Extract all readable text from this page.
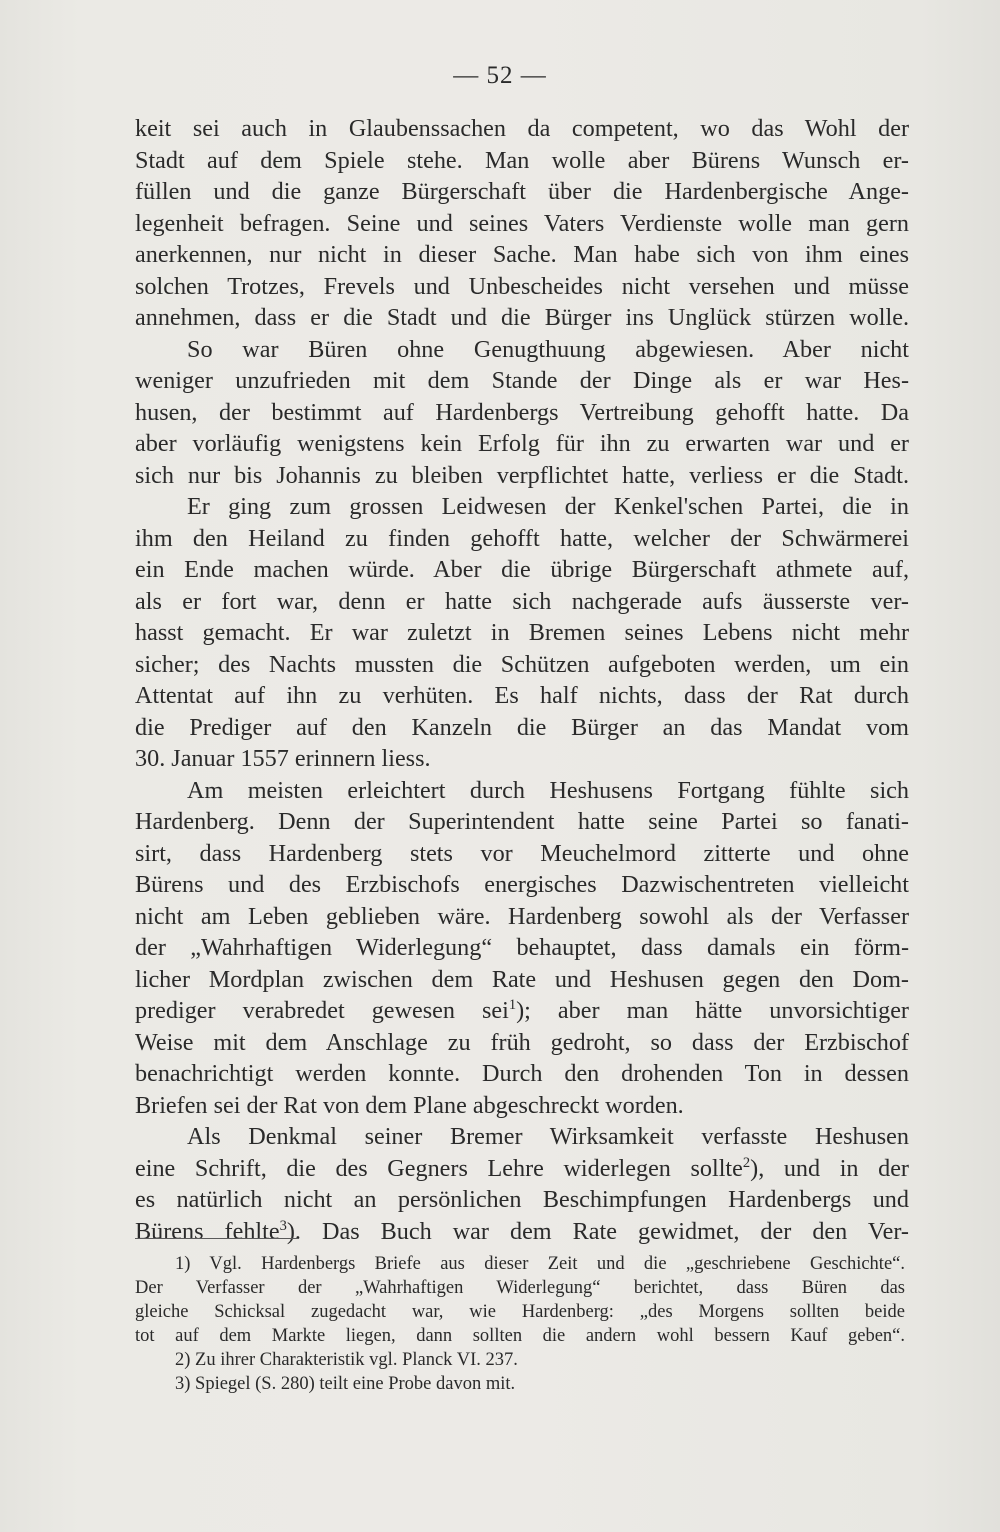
— 52 —
keit sei auch in Glaubenssachen da competent, wo das Wohl der
Stadt auf dem Spiele stehe. Man wolle aber Bürens Wunsch er-
füllen und die ganze Bürgerschaft über die Hardenbergische Ange-
legenheit befragen. Seine und seines Vaters Verdienste wolle man gern
anerkennen, nur nicht in dieser Sache. Man habe sich von ihm eines
solchen Trotzes, Frevels und Unbescheides nicht versehen und müsse
annehmen, dass er die Stadt und die Bürger ins Unglück stürzen wolle.
So war Büren ohne Genugthuung abgewiesen. Aber nicht
weniger unzufrieden mit dem Stande der Dinge als er war Hes-
husen, der bestimmt auf Hardenbergs Vertreibung gehofft hatte. Da
aber vorläufig wenigstens kein Erfolg für ihn zu erwarten war und er
sich nur bis Johannis zu bleiben verpflichtet hatte, verliess er die Stadt.
Er ging zum grossen Leidwesen der Kenkel'schen Partei, die in
ihm den Heiland zu finden gehofft hatte, welcher der Schwärmerei
ein Ende machen würde. Aber die übrige Bürgerschaft athmete auf,
als er fort war, denn er hatte sich nachgerade aufs äusserste ver-
hasst gemacht. Er war zuletzt in Bremen seines Lebens nicht mehr
sicher; des Nachts mussten die Schützen aufgeboten werden, um ein
Attentat auf ihn zu verhüten. Es half nichts, dass der Rat durch
die Prediger auf den Kanzeln die Bürger an das Mandat vom
30. Januar 1557 erinnern liess.
Am meisten erleichtert durch Heshusens Fortgang fühlte sich
Hardenberg. Denn der Superintendent hatte seine Partei so fanati-
sirt, dass Hardenberg stets vor Meuchelmord zitterte und ohne
Bürens und des Erzbischofs energisches Dazwischentreten vielleicht
nicht am Leben geblieben wäre. Hardenberg sowohl als der Verfasser
der „Wahrhaftigen Widerlegung“ behauptet, dass damals ein förm-
licher Mordplan zwischen dem Rate und Heshusen gegen den Dom-
prediger verabredet gewesen sei$^1$); aber man hätte unvorsichtiger
Weise mit dem Anschlage zu früh gedroht, so dass der Erzbischof
benachrichtigt werden konnte. Durch den drohenden Ton in dessen
Briefen sei der Rat von dem Plane abgeschreckt worden.
Als Denkmal seiner Bremer Wirksamkeit verfasste Heshusen
eine Schrift, die des Gegners Lehre widerlegen sollte$^2$), und in der
es natürlich nicht an persönlichen Beschimpfungen Hardenbergs und
Bürens fehlte$^3$). Das Buch war dem Rate gewidmet, der den Ver-
1) Vgl. Hardenbergs Briefe aus dieser Zeit und die „geschriebene Geschichte“.
Der Verfasser der „Wahrhaftigen Widerlegung“ berichtet, dass Büren das
gleiche Schicksal zugedacht war, wie Hardenberg: „des Morgens sollten beide
tot auf dem Markte liegen, dann sollten die andern wohl bessern Kauf geben“.
2) Zu ihrer Charakteristik vgl. Planck VI. 237.
3) Spiegel (S. 280) teilt eine Probe davon mit.
